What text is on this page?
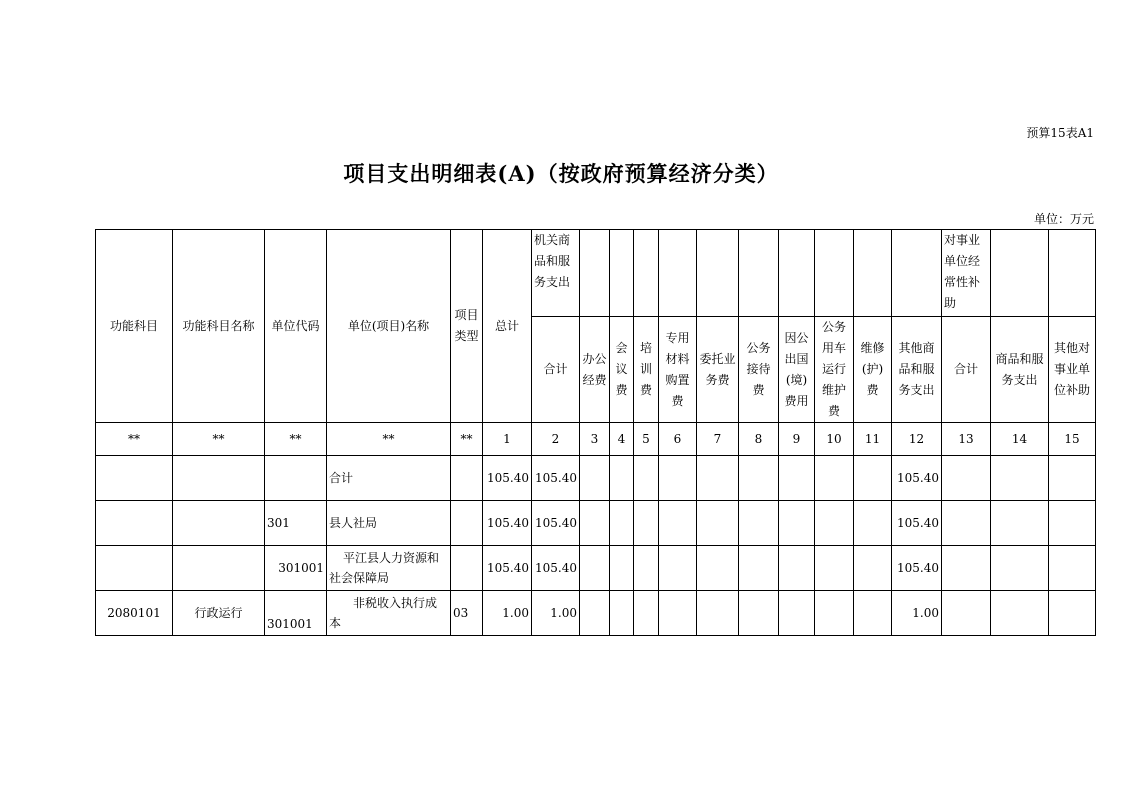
预算15表A1
项目支出明细表(A)（按政府预算经济分类）
单位：万元
功能科目	功能科目名称	单位代码	单位(项目)名称	项目类型	总计	机关商品和服务支出											对事业单位经常性补助		
						合计	办公经费	会议费	培训费	专用材料购置费	委托业务费	公务接待费	因公出国(境)费用	公务用车运行维护费	维修(护)费	其他商品和服务支出	合计	商品和服务支出	其他对事业单位补助
**	**	**	**	**	1	2	3	4	5	6	7	8	9	10	11	12	13	14	15
			合计		105.40	105.40										105.40			
		301	县人社局		105.40	105.40										105.40			
		301001	平江县人力资源和社会保障局		105.40	105.40										105.40			
2080101	行政运行	301001	非税收入执行成本	03	1.00	1.00										1.00			
